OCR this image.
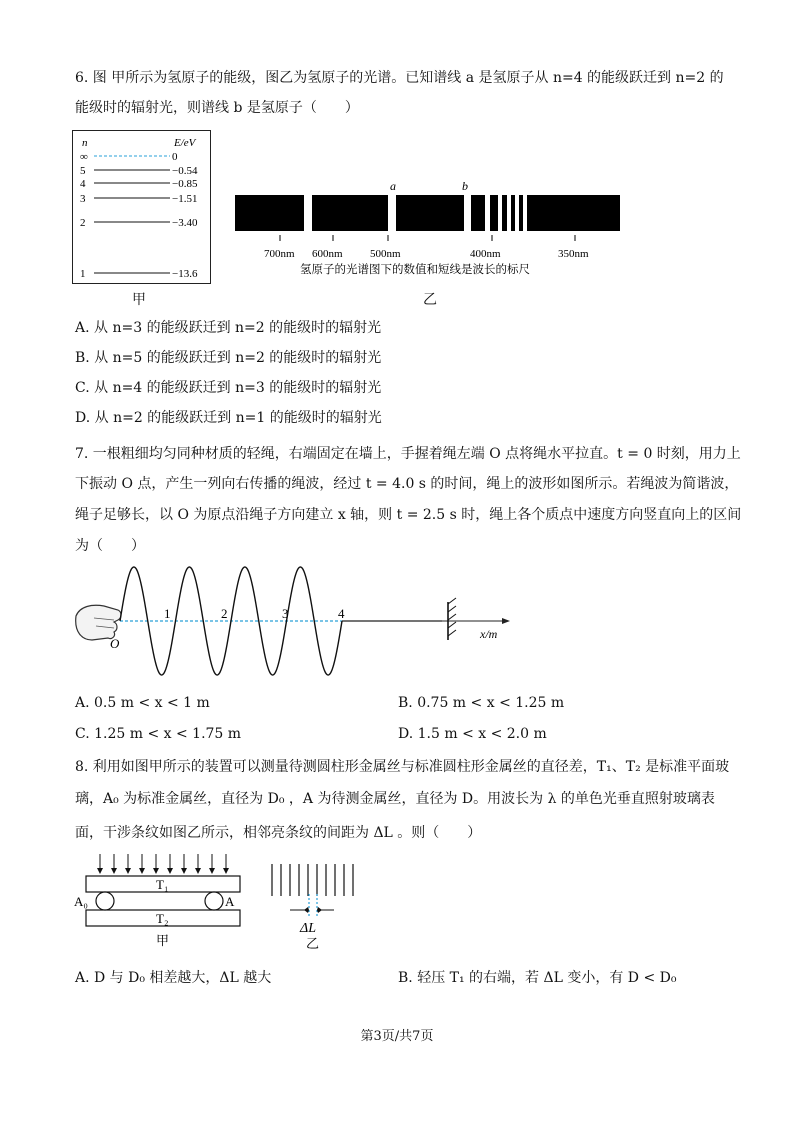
6. 图 甲所示为氢原子的能级，图乙为氢原子的光谱。已知谱线 a 是氢原子从 n=4 的能级跃迁到 n=2 的
能级时的辐射光，则谱线 b 是氢原子（　　）
n	E/eV
∞	0
5	−0.54
4	−0.85
3	−1.51
2	−3.40
1	−13.6
甲
a	b
700nm 600nm 500nm	400nm	350nm
氢原子的光谱图下的数值和短线是波长的标尺
乙
A. 从 n=3 的能级跃迁到 n=2 的能级时的辐射光
B. 从 n=5 的能级跃迁到 n=2 的能级时的辐射光
C. 从 n=4 的能级跃迁到 n=3 的能级时的辐射光
D. 从 n=2 的能级跃迁到 n=1 的能级时的辐射光
7. 一根粗细均匀同种材质的轻绳，右端固定在墙上，手握着绳左端 O 点将绳水平拉直。t = 0 时刻，用力上
下振动 O 点，产生一列向右传播的绳波，经过 t = 4.0 s 的时间，绳上的波形如图所示。若绳波为简谐波，
绳子足够长，以 O 为原点沿绳子方向建立 x 轴，则 t = 2.5 s 时，绳上各个质点中速度方向竖直向上的区间
为（　　）
1	2	3	4
O
x/m
A. 0.5 m < x < 1 m	B. 0.75 m < x < 1.25 m
C. 1.25 m < x < 1.75 m	D. 1.5 m < x < 2.0 m
8. 利用如图甲所示的装置可以测量待测圆柱形金属丝与标准圆柱形金属丝的直径差，T₁、T₂ 是标准平面玻
璃，A₀ 为标准金属丝，直径为 D₀ ，A 为待测金属丝，直径为 D。用波长为 λ 的单色光垂直照射玻璃表
面，干涉条纹如图乙所示，相邻亮条纹的间距为 ΔL 。则（　　）
T₁
T₂
A₀	A
甲
ΔL
乙
A. D 与 D₀ 相差越大，ΔL 越大	B. 轻压 T₁ 的右端，若 ΔL 变小，有 D < D₀
第3页/共7页
